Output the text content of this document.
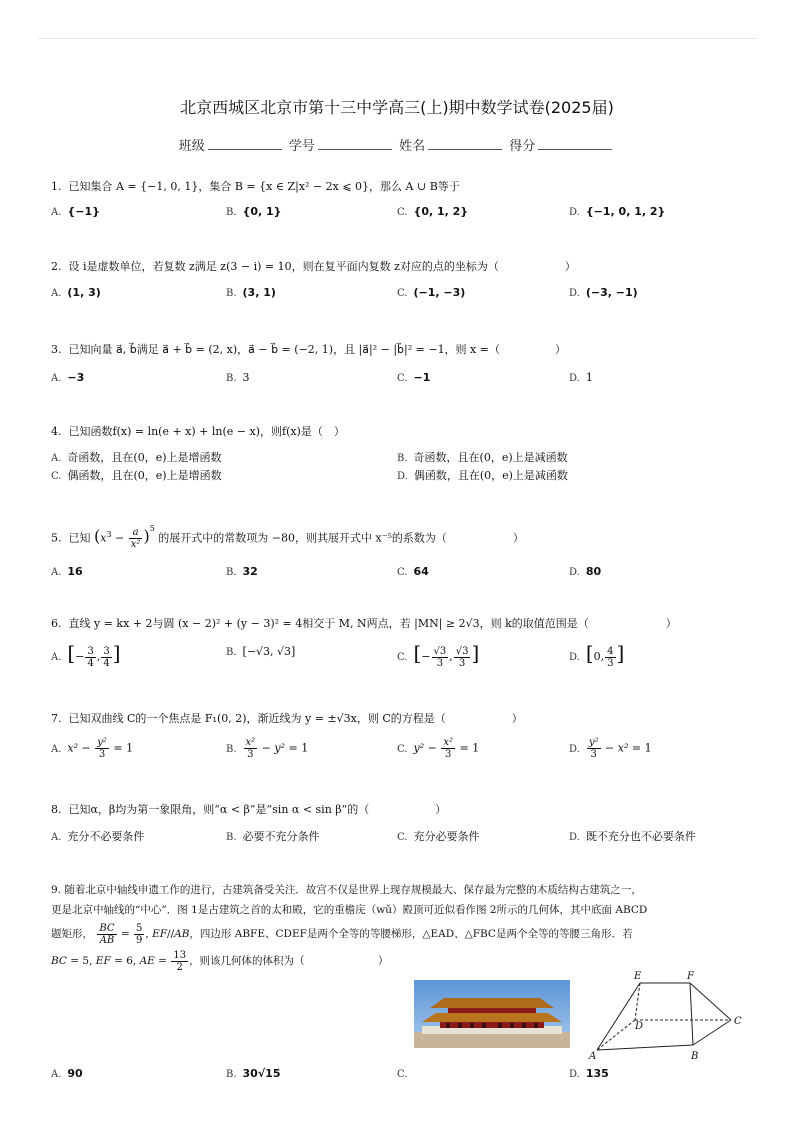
北京西城区北京市第十三中学高三(上)期中数学试卷(2025届)
班级	学号	姓名	得分
1. 已知集合 A = {−1, 0, 1}，集合 B = {x ∈ Z|x² − 2x ⩽ 0}，那么 A ∪ B等于
A. {−1}	B. {0, 1}	C. {0, 1, 2}	D. {−1, 0, 1, 2}
2. 设 i是虚数单位，若复数 z满足 z(3 − i) = 10，则在复平面内复数 z对应的点的坐标为（　　　　　　）
A. (1, 3)	B. (3, 1)	C. (−1, −3)	D. (−3, −1)
3. 已知向量 a⃗, b⃗满足 a⃗ + b⃗ = (2, x)，a⃗ − b⃗ = (−2, 1)，且 |a⃗|² − |b⃗|² = −1，则 x =（　　　　　）
A. −3	B. 3	C. −1	D. 1
4. 已知函数f(x) = ln(e + x) + ln(e − x)，则f(x)是（　）
A. 奇函数，且在(0，e)上是增函数	B. 奇函数，且在(0，e)上是减函数
C. 偶函数，且在(0，e)上是增函数	D. 偶函数，且在(0，e)上是减函数
5. 已知 $(x^3 - \frac{a}{\text{x²}} )^5$ 的展开式中的常数项为 −80，则其展开式中 x⁻⁵的系数为（　　　　　　）
A. 16	B. 32	C. 64	D. 80
6. 直线 y = kx + 2与圆 (x − 2)² + (y − 3)² = 4相交于 M, N两点，若 |MN| ≥ 2√3，则 k的取值范围是（　　　　　　　）
A. [− $\frac{3}{4}$ , $\frac{3}{4}$ ]	B. [−√3, √3]	C. [− $\frac{√3}{3}$ , $\frac{√3}{3}$ ]	D. [0, $\frac{4}{3}$ ]
7. 已知双曲线 C的一个焦点是 F₁(0, 2)，渐近线为 y = ±√3x，则 C的方程是（　　　　　　）
A. $x^2 - \frac{\text{y²}}{3} = 1$	B. $\frac{\text{x²}}{3} - y^2 = 1$	C. $y^2 - \frac{\text{x²}}{3} = 1$	D. $\frac{\text{y²}}{3} - x^2 = 1$
8. 已知α，β均为第一象限角，则“α < β”是“sin α < sin β”的（　　　　　　）
A. 充分不必要条件	B. 必要不充分条件	C. 充分必要条件	D. 既不充分也不必要条件
9. 随着北京中轴线申遗工作的进行，古建筑备受关注．故宫不仅是世界上现存规模最大、保存最为完整的木质结构古建筑之一，
更是北京中轴线的“中心”．图 1是古建筑之首的太和殿，它的重檐庑（wǔ）殿顶可近似看作图 2所示的几何体，其中底面 ABCD
题矩形， $\frac{BC}{AB} = \frac{5}{9}$ , EF//AB，四边形 ABFE、CDEF是两个全等的等腰梯形，△EAD、△FBC是两个全等的等腰三角形．若
BC = 5, EF = 6, AE = $\frac{13}{2}$ ，则该几何体的体积为（　　　　　　　）
E	F
D	C
A	B
A. 90	B. 30√15	C.	D. 135
